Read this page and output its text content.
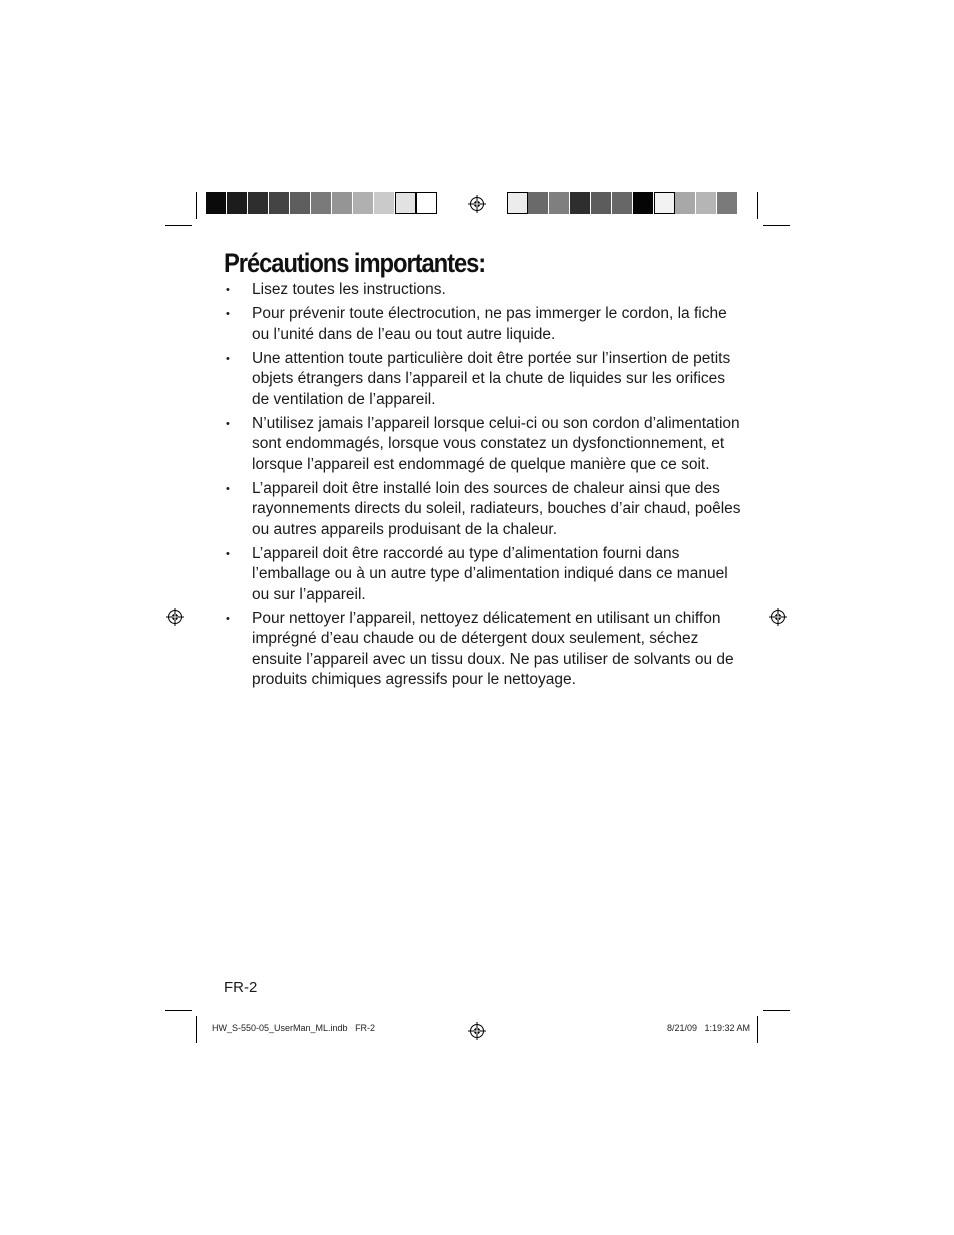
Précautions importantes:
• Lisez toutes les instructions.
• Pour prévenir toute électrocution, ne pas immerger le cordon, la fiche ou l’unité dans de l’eau ou tout autre liquide.
• Une attention toute particulière doit être portée sur l’insertion de petits objets étrangers dans l’appareil et la chute de liquides sur les orifices de ventilation de l’appareil.
• N’utilisez jamais l’appareil lorsque celui-ci ou son cordon d’alimentation sont endommagés, lorsque vous constatez un dysfonctionnement, et lorsque l’appareil est endommagé de quelque manière que ce soit.
• L’appareil doit être installé loin des sources de chaleur ainsi que des rayonnements directs du soleil, radiateurs, bouches d’air chaud, poêles ou autres appareils produisant de la chaleur.
• L’appareil doit être raccordé au type d’alimentation fourni dans l’emballage ou à un autre type d’alimentation indiqué dans ce manuel ou sur l’appareil.
• Pour nettoyer l’appareil, nettoyez délicatement en utilisant un chiffon imprégné d’eau chaude ou de détergent doux seulement, séchez ensuite l’appareil avec un tissu doux. Ne pas utiliser de solvants ou de produits chimiques agressifs pour le nettoyage.
FR-2
HW_S-550-05_UserMan_ML.indb   FR-2	8/21/09   1:19:32 AM
